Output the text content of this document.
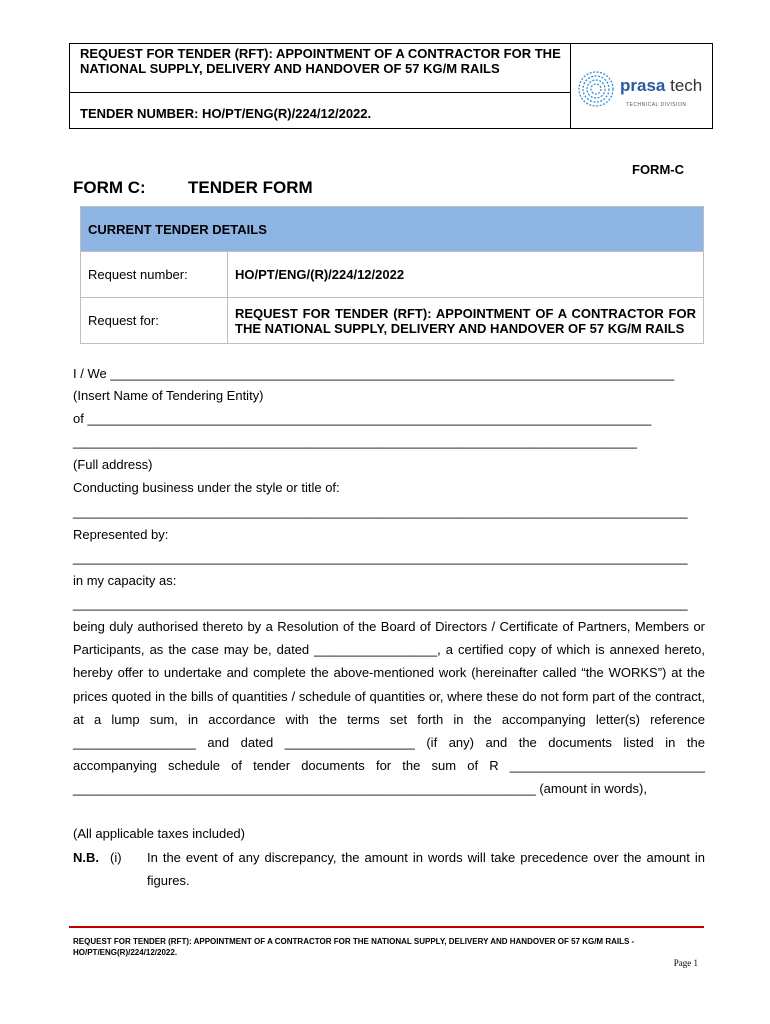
REQUEST FOR TENDER (RFT): APPOINTMENT OF A CONTRACTOR FOR THE NATIONAL SUPPLY, DELIVERY AND HANDOVER OF 57 KG/M RAILS
TENDER NUMBER: HO/PT/ENG(R)/224/12/2022.
prasa tech
TECHNICAL DIVISION
FORM-C
FORM C: TENDER FORM
CURRENT TENDER DETAILS	
Request number:	HO/PT/ENG/(R)/224/12/2022
Request for:	REQUEST FOR TENDER (RFT): APPOINTMENT OF A CONTRACTOR FOR THE NATIONAL SUPPLY, DELIVERY AND HANDOVER OF 57 KG/M RAILS
I / We ______________________________________________________________________________
(Insert Name of Tendering Entity)
of ______________________________________________________________________________
______________________________________________________________________________
(Full address)
Conducting business under the style or title of:
_____________________________________________________________________________________
Represented by:
_____________________________________________________________________________________
in my capacity as:
_____________________________________________________________________________________
being duly authorised thereto by a Resolution of the Board of Directors / Certificate of Partners, Members or Participants, as the case may be, dated _________________, a certified copy of which is annexed hereto, hereby offer to undertake and complete the above-mentioned work (hereinafter called “the WORKS”) at the prices quoted in the bills of quantities / schedule of quantities or, where these do not form part of the contract, at a lump sum, in accordance with the terms set forth in the accompanying letter(s) reference _________________ and dated __________________ (if any) and the documents listed in the accompanying schedule of tender documents for the sum of R ___________________________ ________________________________________________________________ (amount in words),
(All applicable taxes included)
N.B. (i) In the event of any discrepancy, the amount in words will take precedence over the amount in figures.
REQUEST FOR TENDER (RFT): APPOINTMENT OF A CONTRACTOR FOR THE NATIONAL SUPPLY, DELIVERY AND HANDOVER OF 57 KG/M RAILS - HO/PT/ENG(R)/224/12/2022.
Page 1
